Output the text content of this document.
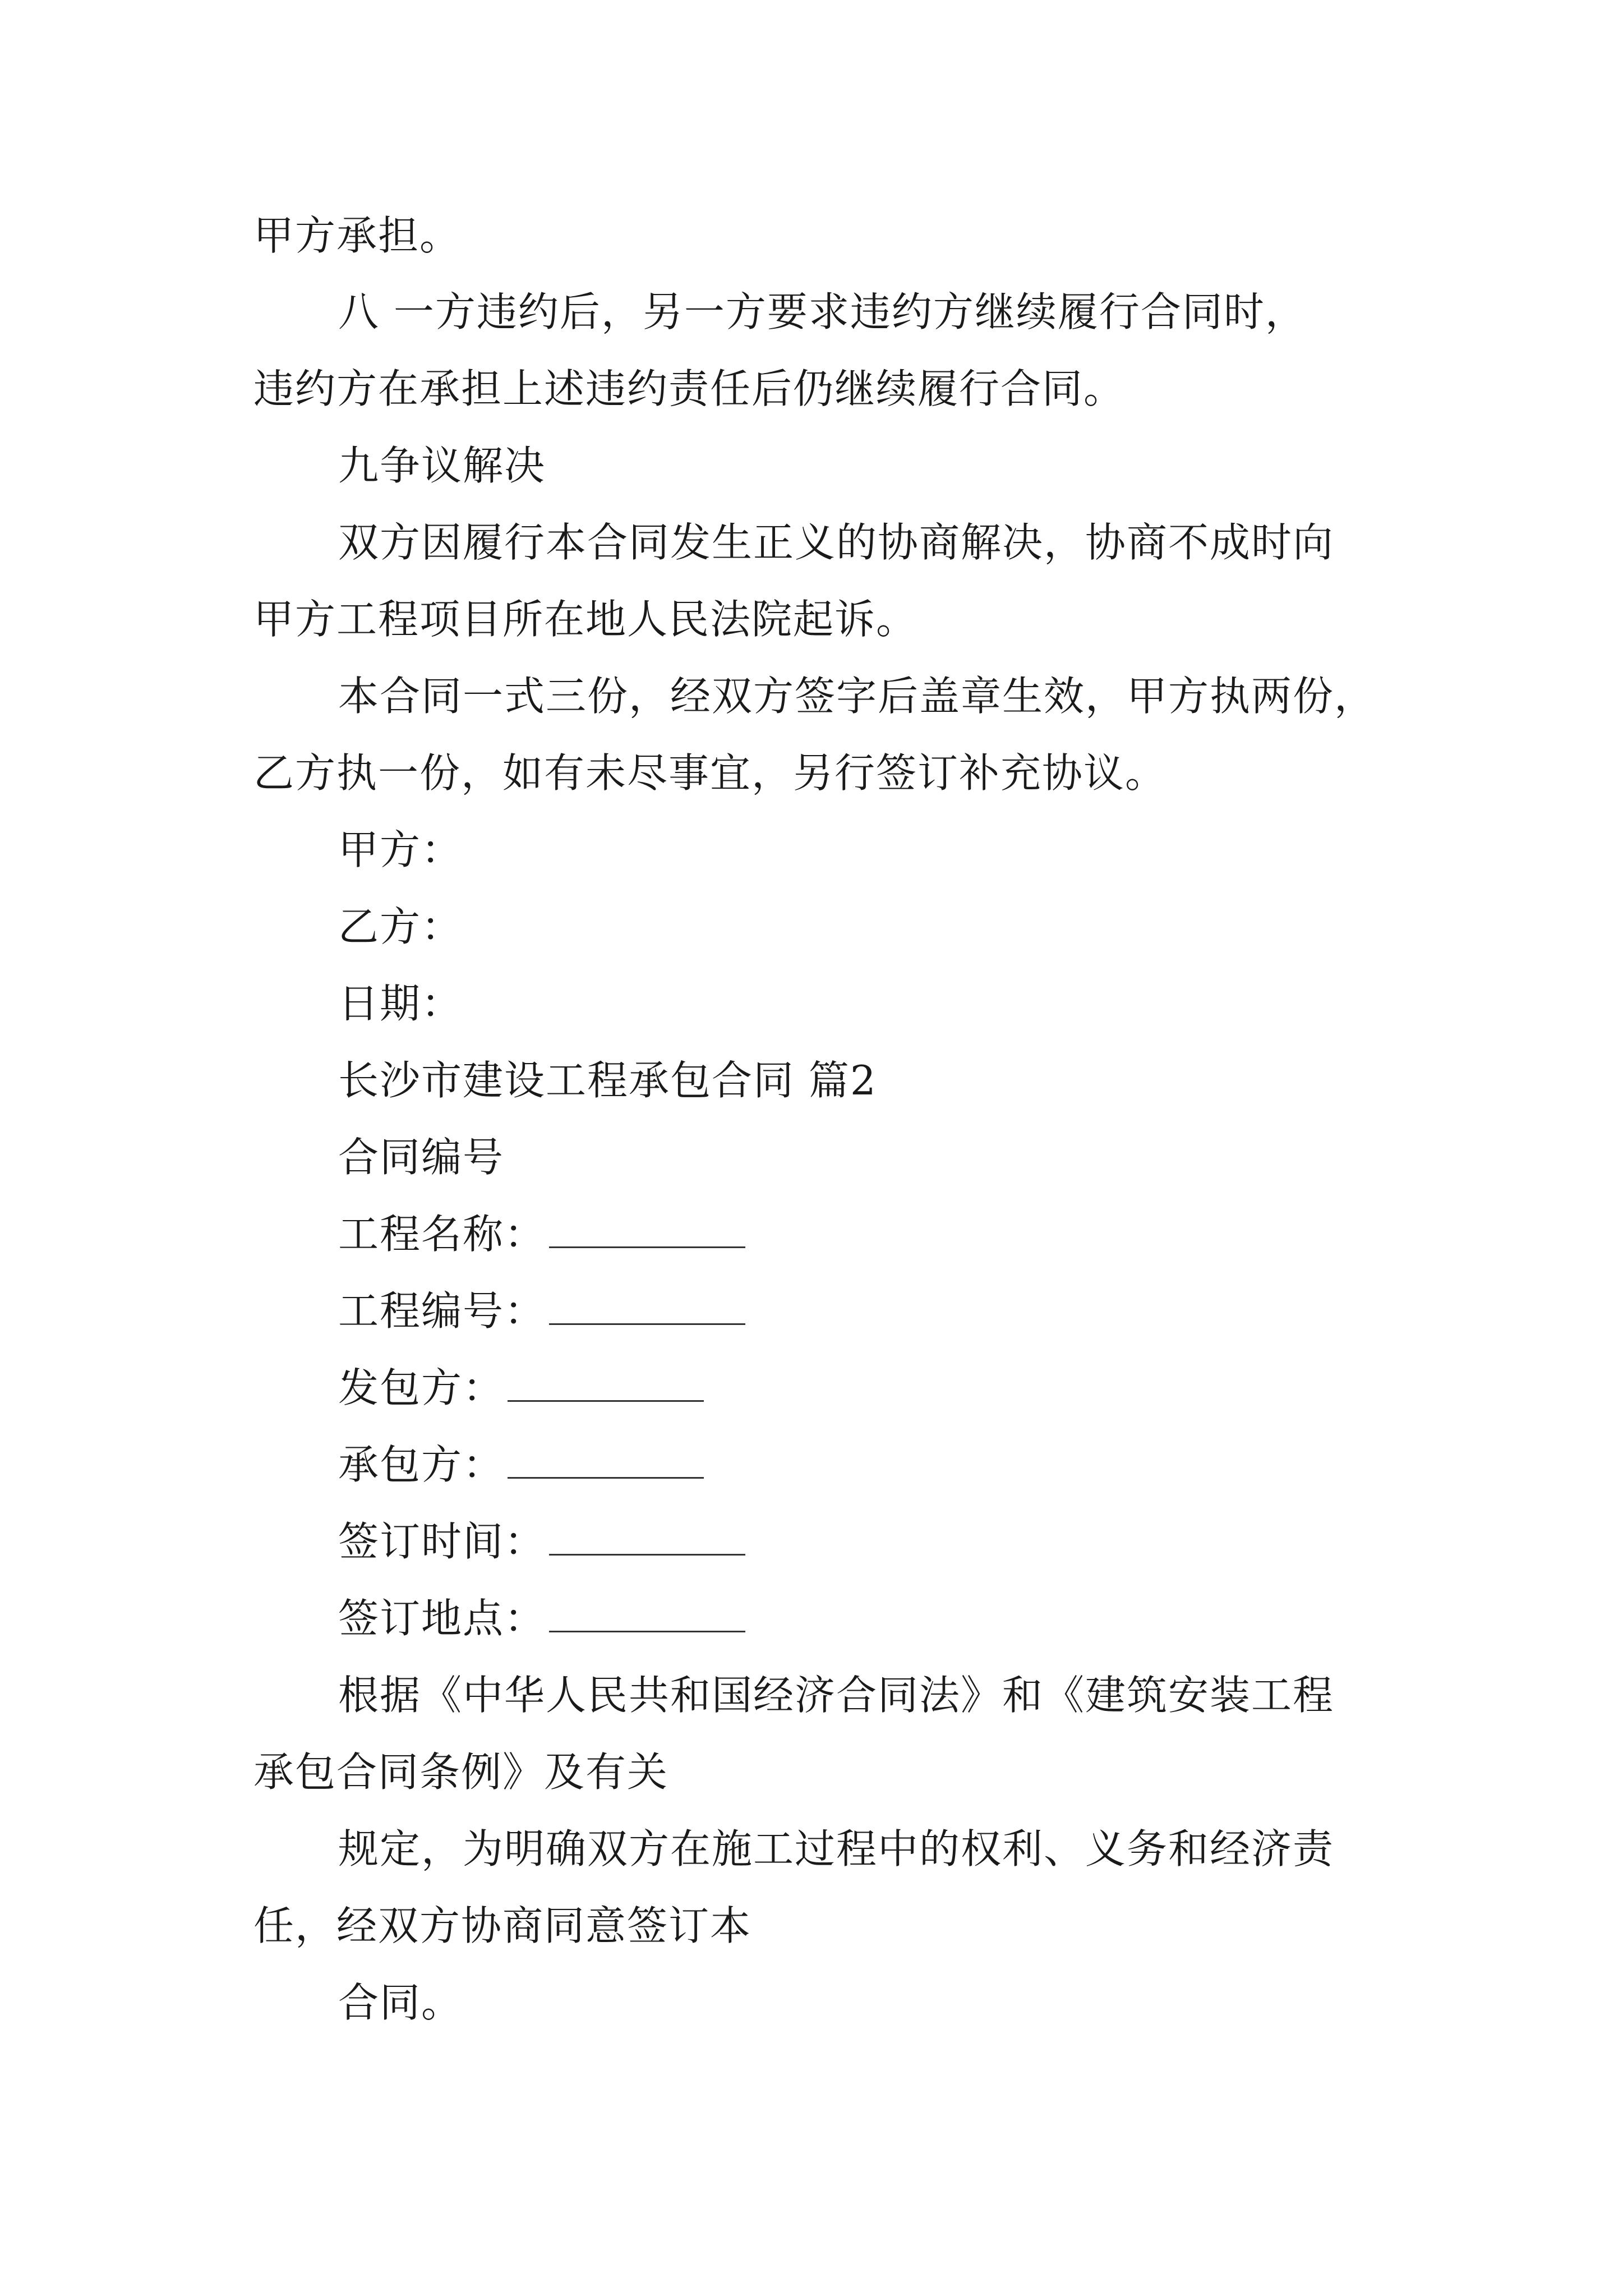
甲方承担。
八 一方违约后，另一方要求违约方继续履行合同时，
违约方在承担上述违约责任后仍继续履行合同。
九争议解决
双方因履行本合同发生正义的协商解决，协商不成时向
甲方工程项目所在地人民法院起诉。
本合同一式三份，经双方签字后盖章生效，甲方执两份，
乙方执一份，如有未尽事宜，另行签订补充协议。
甲方：
乙方：
日期：
长沙市建设工程承包合同 篇2
合同编号
工程名称：
工程编号：
发包方：
承包方：
签订时间：
签订地点：
根据《中华人民共和国经济合同法》和《建筑安装工程
承包合同条例》及有关
规定，为明确双方在施工过程中的权利、义务和经济责
任，经双方协商同意签订本
合同。
